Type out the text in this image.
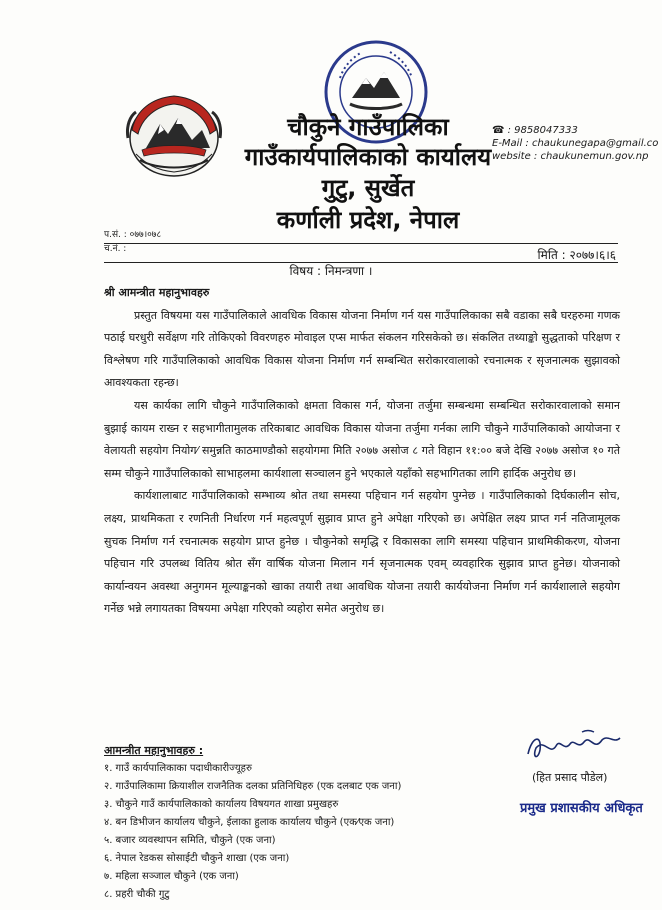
चौकुने गाउँपालिका
गाउँकार्यपालिकाको कार्यालय
गुटु, सुर्खेत
कर्णाली प्रदेश, नेपाल
☎ : 9858047333
E-Mail : chaukunegapa@gmail.co
website : chaukunemun.gov.np
प.सं. : ०७७।०७८
च.नं. :	मिति : २०७७।६।६
विषय : निमन्त्रणा ।

श्री आमन्त्रीत महानुभावहरु

प्रस्तुत विषयमा यस गाउँपालिकाले आवधिक विकास योजना निर्माण गर्न यस गाउँपालिकाका सबै वडाका सबै घरहरुमा गणक पठाई घरधुरी सर्वेक्षण गरि तोकिएको विवरणहरु मोवाइल एप्स मार्फत संकलन गरिसकेको छ। संकलित तथ्याङ्को सुद्धताको परिक्षण र विश्लेषण गरि गाउँपालिकाको आवधिक विकास योजना निर्माण गर्न सम्बन्धित सरोकारवालाको रचनात्मक र सृजनात्मक सुझावको आवश्यकता रहन्छ।

यस कार्यका लागि चौकुने गाउँपालिकाको क्षमता विकास गर्न, योजना तर्जुमा सम्बन्धमा सम्बन्धित सरोकारवालाको समान बुझाई कायम राख्न र सहभागीतामुलक तरिकाबाट आवधिक विकास योजना तर्जुमा गर्नका लागि चौकुने गाउँपालिकाको आयोजना र वेलायती सहयोग नियोग⁄ समुन्नति काठमाण्डौको सहयोगमा मिति २०७७ असोज ८ गते विहान ११:०० बजे देखि २०७७ असोज १० गते सम्म चौकुने गााउँपालिकाको साभाहलमा कार्यशाला सञ्चालन हुने भएकाले यहाँको सहभागितका लागि हार्दिक अनुरोध छ।

कार्यशालाबाट गाउँपालिकाको सम्भाव्य श्रोत तथा समस्या पहिचान गर्न सहयोग पुग्नेछ । गाउँपालिकाको दिर्घकालीन सोच, लक्ष्य, प्राथमिकता र रणनिती निर्धारण गर्न महत्वपूर्ण सुझाव प्राप्त हुने अपेक्षा गरिएको छ। अपेक्षित लक्ष्य प्राप्त गर्न नतिजामूलक सुचक निर्माण गर्न रचनात्मक सहयोग प्राप्त हुनेछ । चौकुनेको समृद्धि र विकासका लागि समस्या पहिचान प्राथमिकीकरण, योजना पहिचान गरि उपलब्ध वितिय श्रोत सँग वार्षिक योजना मिलान गर्न सृजनात्मक एवम् व्यवहारिक सुझाव प्राप्त हुनेछ। योजनाको कार्यान्वयन अवस्था अनुगमन मूल्याङ्कनको खाका तयारी तथा आवधिक योजना तयारी कार्ययोजना निर्माण गर्न कार्यशालाले सहयोग गर्नेछ भन्ने लगायतका विषयमा अपेक्षा गरिएको व्यहोरा समेत अनुरोध छ।

(हित प्रसाद पौडेल)
प्रमुख प्रशासकीय अधिकृत
आमन्त्रीत महानुभावहरु :
१. गाउँ कार्यपालिकाका पदाधीकारीज्यूहरु
२. गाउँपालिकामा क्रियाशील राजनैतिक दलका प्रतिनिधिहरु (एक दलबाट एक जना)
३. चौकुने गाउँ कार्यपालिकाको कार्यालय विषयगत शाखा प्रमुखहरु
४. बन डिभीजन कार्यालय चौकुने, ईलाका हुलाक कार्यालय चौकुने (एक⁄एक जना)
५. बजार व्यवस्थापन समिति, चौकुने (एक जना)
६. नेपाल रेडकस सोसाईटी चौकुने शाखा (एक जना)
७. महिला सञ्जाल चौकुने (एक जना)
८. प्रहरी चौकी गुटु
